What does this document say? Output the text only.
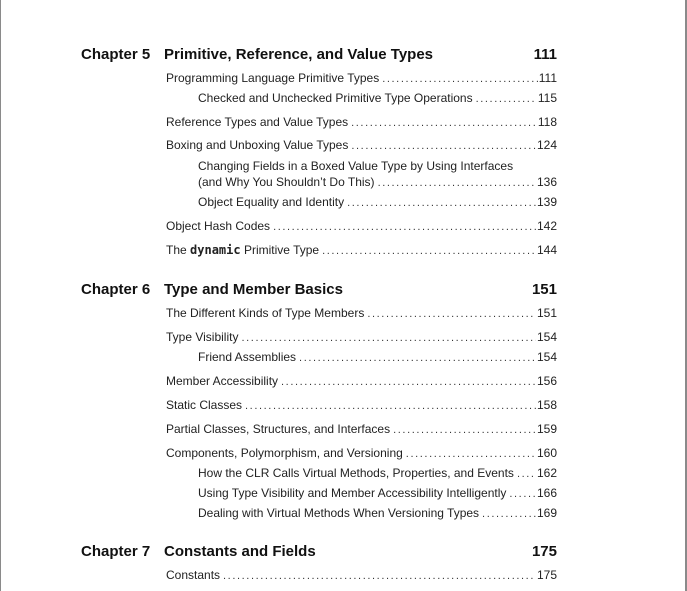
Chapter 5 Primitive, Reference, and Value Types	111
Programming Language Primitive Types .....	111
Checked and Unchecked Primitive Type Operations .....	115
Reference Types and Value Types .....	118
Boxing and Unboxing Value Types .....	124
Changing Fields in a Boxed Value Type by Using Interfaces
(and Why You Shouldn’t Do This) .....	136
Object Equality and Identity .....	139
Object Hash Codes .....	142
The dynamic Primitive Type .....	144
Chapter 6 Type and Member Basics	151
The Different Kinds of Type Members .....	151
Type Visibility .....	154
Friend Assemblies .....	154
Member Accessibility .....	156
Static Classes .....	158
Partial Classes, Structures, and Interfaces .....	159
Components, Polymorphism, and Versioning .....	160
How the CLR Calls Virtual Methods, Properties, and Events ..... 162
Using Type Visibility and Member Accessibility Intelligently .....	166
Dealing with Virtual Methods When Versioning Types .....	169
Chapter 7 Constants and Fields	175
Constants .....	175
